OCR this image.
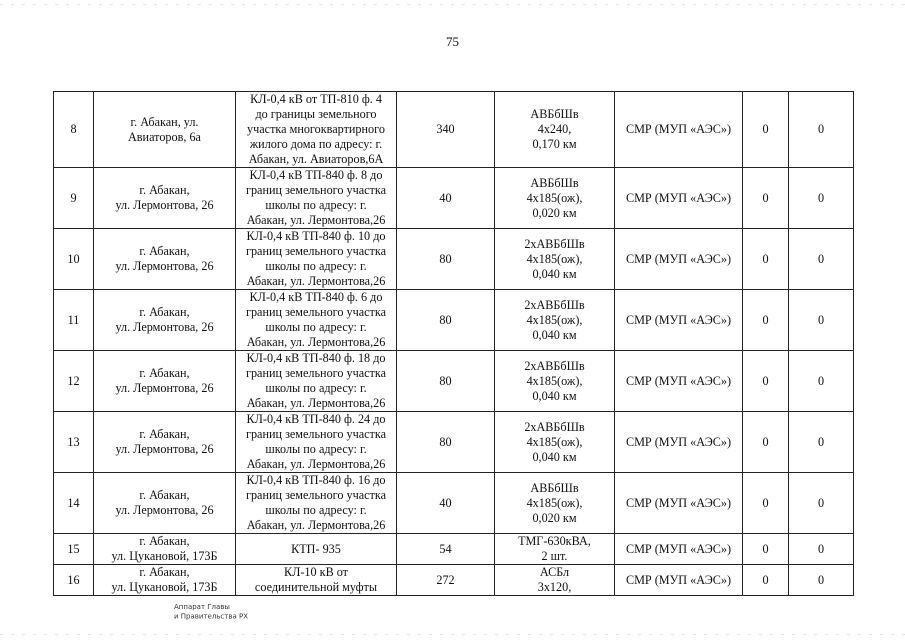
75
8	г. Абакан, ул.
Авиаторов, 6а	КЛ-0,4 кВ от ТП-810 ф. 4
до границы земельного
участка многоквартирного
жилого дома по адресу: г.
Абакан, ул. Авиаторов,6А	340	АВБбШв
4х240,
0,170 км	СМР (МУП «АЭС»)	0	0
9	г. Абакан,
ул. Лермонтова, 26	КЛ-0,4 кВ ТП-840 ф. 8 до
границ земельного участка
школы по адресу: г.
Абакан, ул. Лермонтова,26	40	АВБбШв
4х185(ож),
0,020 км	СМР (МУП «АЭС»)	0	0
10	г. Абакан,
ул. Лермонтова, 26	КЛ-0,4 кВ ТП-840 ф. 10 до
границ земельного участка
школы по адресу: г.
Абакан, ул. Лермонтова,26	80	2хАВБбШв
4х185(ож),
0,040 км	СМР (МУП «АЭС»)	0	0
11	г. Абакан,
ул. Лермонтова, 26	КЛ-0,4 кВ ТП-840 ф. 6 до
границ земельного участка
школы по адресу: г.
Абакан, ул. Лермонтова,26	80	2хАВБбШв
4х185(ож),
0,040 км	СМР (МУП «АЭС»)	0	0
12	г. Абакан,
ул. Лермонтова, 26	КЛ-0,4 кВ ТП-840 ф. 18 до
границ земельного участка
школы по адресу: г.
Абакан, ул. Лермонтова,26	80	2хАВБбШв
4х185(ож),
0,040 км	СМР (МУП «АЭС»)	0	0
13	г. Абакан,
ул. Лермонтова, 26	КЛ-0,4 кВ ТП-840 ф. 24 до
границ земельного участка
школы по адресу: г.
Абакан, ул. Лермонтова,26	80	2хАВБбШв
4х185(ож),
0,040 км	СМР (МУП «АЭС»)	0	0
14	г. Абакан,
ул. Лермонтова, 26	КЛ-0,4 кВ ТП-840 ф. 16 до
границ земельного участка
школы по адресу: г.
Абакан, ул. Лермонтова,26	40	АВБбШв
4х185(ож),
0,020 км	СМР (МУП «АЭС»)	0	0
15	г. Абакан,
ул. Цукановой, 173Б	КТП- 935	54	ТМГ-630кВА,
2 шт.	СМР (МУП «АЭС»)	0	0
16	г. Абакан,
ул. Цукановой, 173Б	КЛ-10 кВ от
соединительной муфты	272	АСБл
3х120,	СМР (МУП «АЭС»)	0	0
Аппарат Главы
и Правительства РХ
